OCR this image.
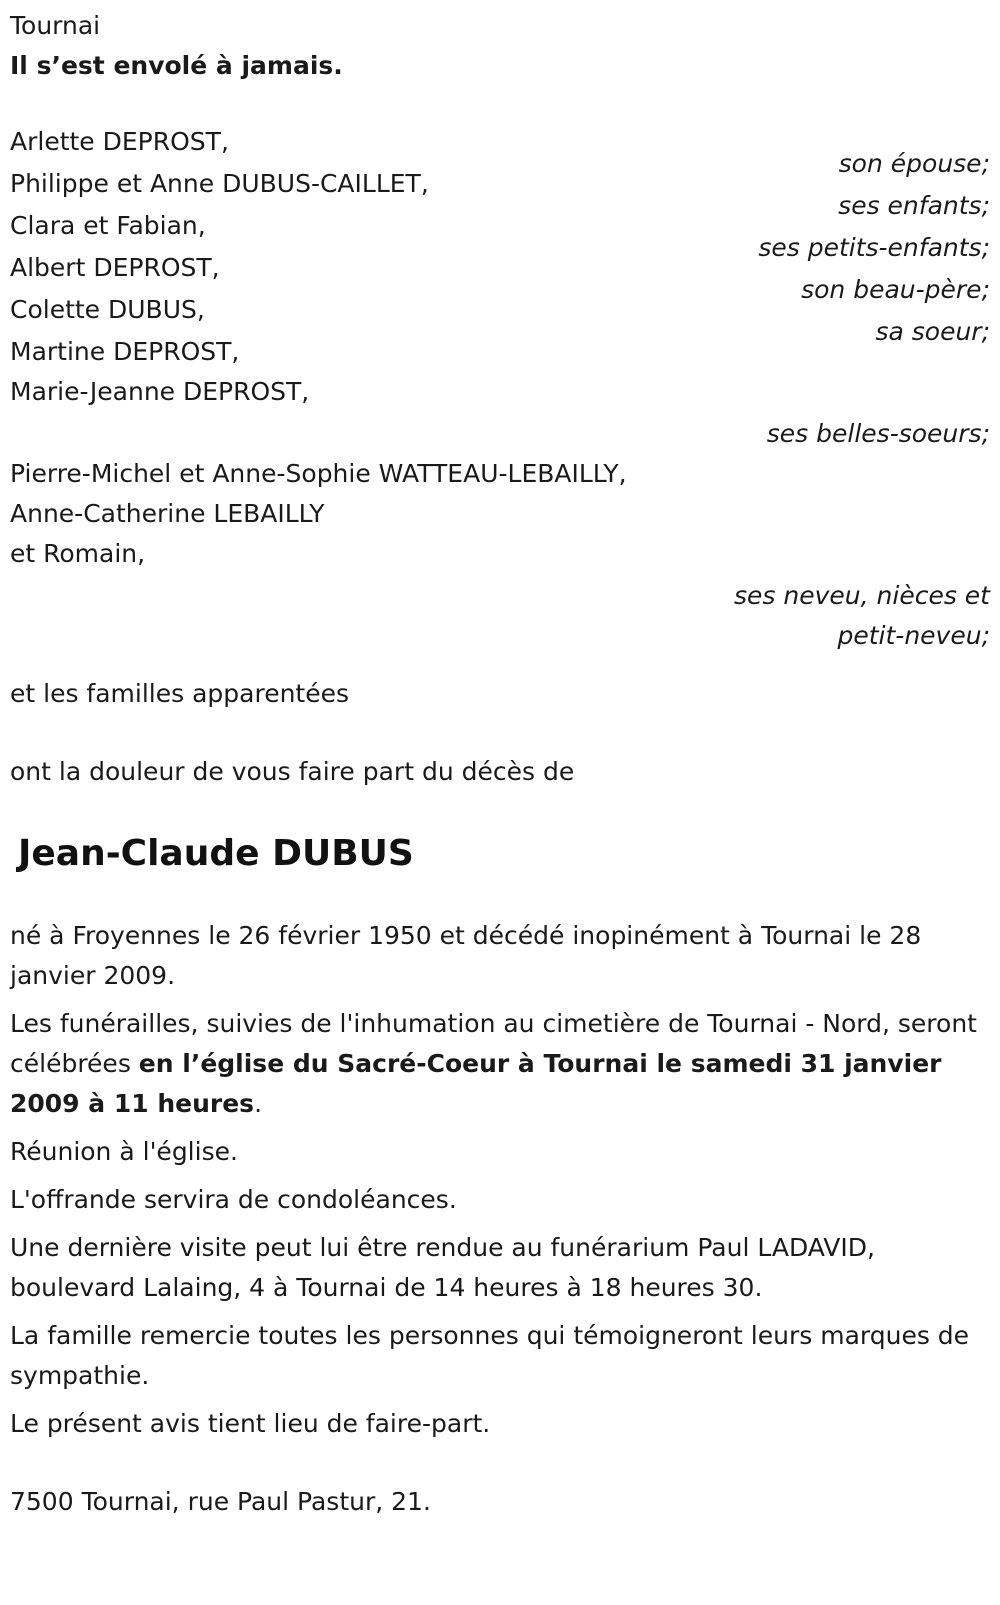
Tournai
Il s’est envolé à jamais.
Arlette DEPROST,
son épouse;
Philippe et Anne DUBUS-CAILLET,
ses enfants;
Clara et Fabian,
ses petits-enfants;
Albert DEPROST,
son beau-père;
Colette DUBUS,
sa soeur;
Martine DEPROST,
Marie-Jeanne DEPROST,
ses belles-soeurs;
Pierre-Michel et Anne-Sophie WATTEAU-LEBAILLY,
Anne-Catherine LEBAILLY
et Romain,
ses neveu, nièces et
petit-neveu;
et les familles apparentées
ont la douleur de vous faire part du décès de
Jean-Claude DUBUS
né à Froyennes le 26 février 1950 et décédé inopinément à Tournai le 28 janvier 2009.
Les funérailles, suivies de l'inhumation au cimetière de Tournai - Nord, seront célébrées en l’église du Sacré-Coeur à Tournai le samedi 31 janvier 2009 à 11 heures.
Réunion à l'église.
L'offrande servira de condoléances.
Une dernière visite peut lui être rendue au funérarium Paul LADAVID, boulevard Lalaing, 4 à Tournai de 14 heures à 18 heures 30.
La famille remercie toutes les personnes qui témoigneront leurs marques de sympathie.
Le présent avis tient lieu de faire-part.
7500 Tournai, rue Paul Pastur, 21.
